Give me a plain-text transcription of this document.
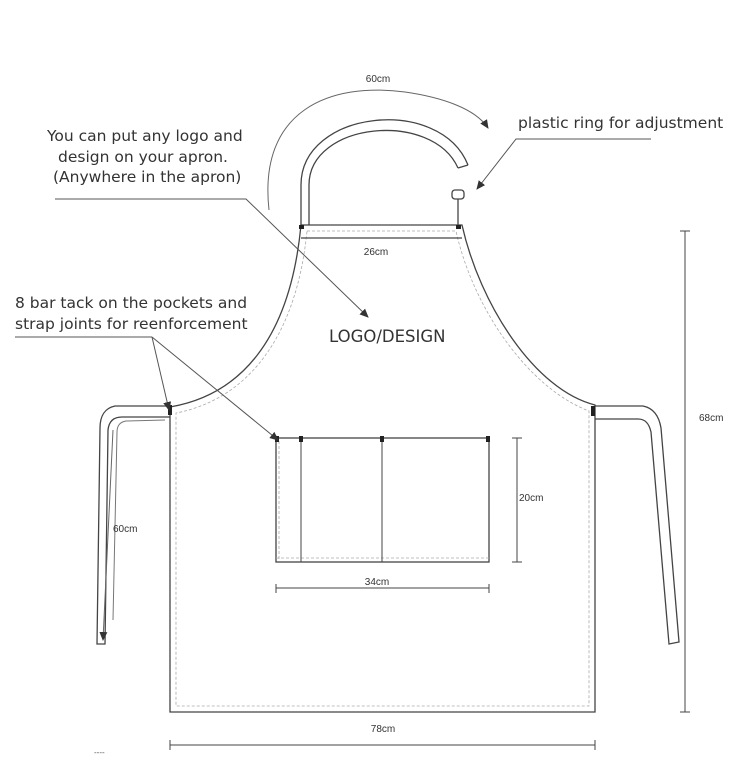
60cm
26cm
60cm
20cm
34cm
68cm
78cm
You can put any logo and
design on your apron.
(Anywhere in the apron)
LOGO/DESIGN
plastic ring for adjustment
8 bar tack on the pockets and
strap joints for reenforcement
----
